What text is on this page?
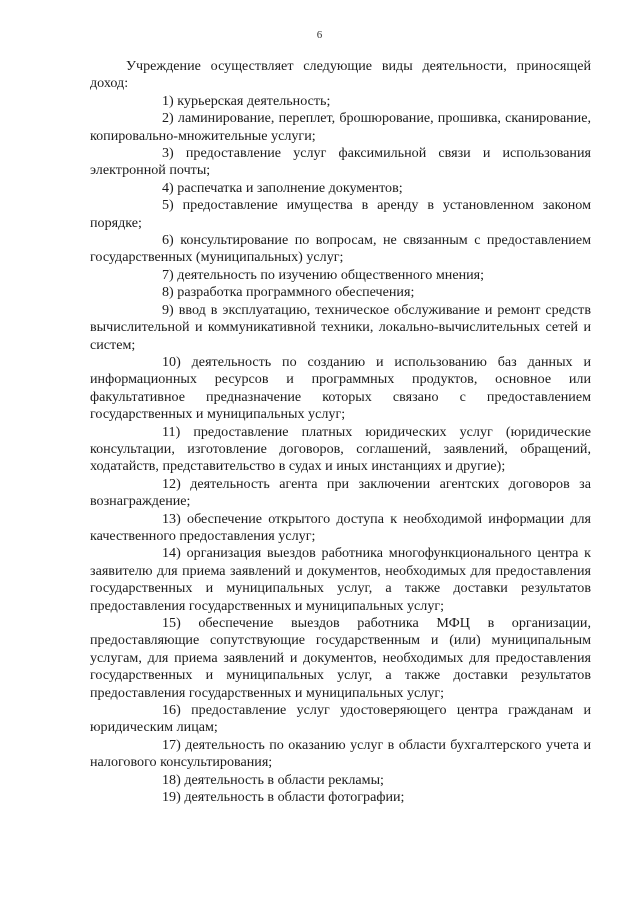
6

Учреждение осуществляет следующие виды деятельности, приносящей доход:

1) курьерская деятельность;

2) ламинирование, переплет, брошюрование, прошивка, сканирование, копировально-множительные услуги;

3) предоставление услуг факсимильной связи и использования электронной почты;

4) распечатка и заполнение документов;

5) предоставление имущества в аренду в установленном законом порядке;

6) консультирование по вопросам, не связанным с предоставлением государственных (муниципальных) услуг;

7) деятельность по изучению общественного мнения;

8) разработка программного обеспечения;

9) ввод в эксплуатацию, техническое обслуживание и ремонт средств вычислительной и коммуникативной техники, локально-вычислительных сетей и систем;

10) деятельность по созданию и использованию баз данных и информационных ресурсов и программных продуктов, основное или факультативное предназначение которых связано с предоставлением государственных и муниципальных услуг;

11) предоставление платных юридических услуг (юридические консультации, изготовление договоров, соглашений, заявлений, обращений, ходатайств, представительство в судах и иных инстанциях и другие);

12) деятельность агента при заключении агентских договоров за вознаграждение;

13) обеспечение открытого доступа к необходимой информации для качественного предоставления услуг;

14) организация выездов работника многофункционального центра к заявителю для приема заявлений и документов, необходимых для предоставления государственных и муниципальных услуг, а также доставки результатов предоставления государственных и муниципальных услуг;

15) обеспечение выездов работника МФЦ в организации, предоставляющие сопутствующие государственным и (или) муниципальным услугам, для приема заявлений и документов, необходимых для предоставления государственных и муниципальных услуг, а также доставки результатов предоставления государственных и муниципальных услуг;

16) предоставление услуг удостоверяющего центра гражданам и юридическим лицам;

17) деятельность по оказанию услуг в области бухгалтерского учета и налогового консультирования;

18) деятельность в области рекламы;

19) деятельность в области фотографии;
